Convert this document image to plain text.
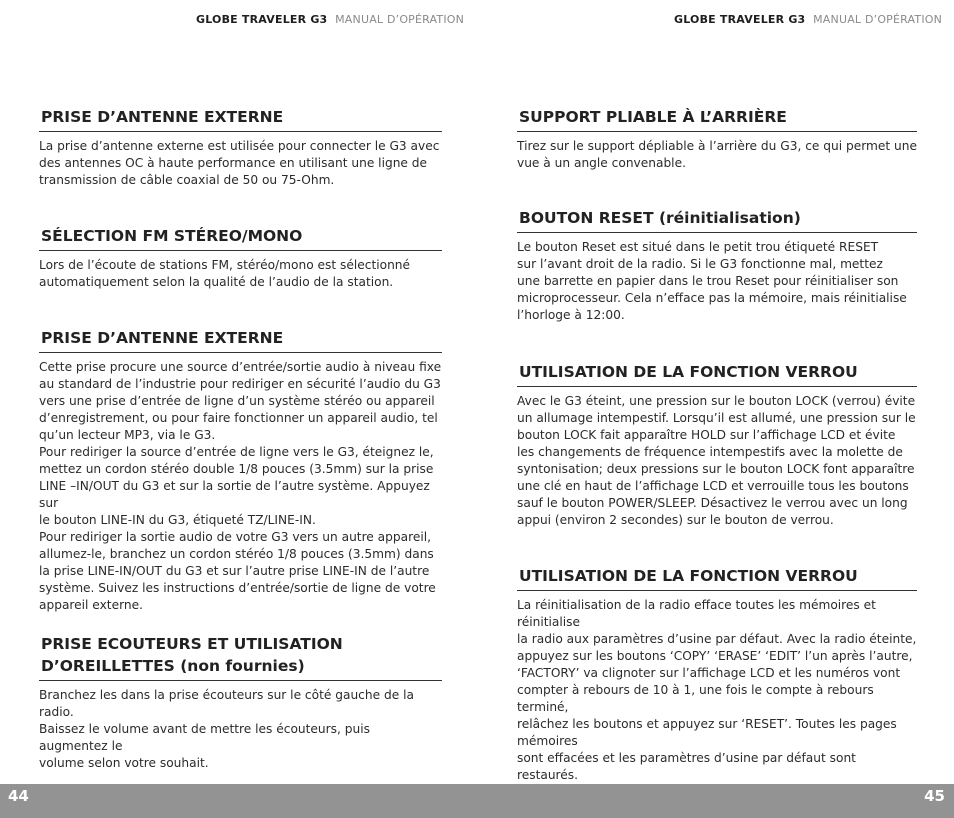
GLOBE TRAVELER G3 MANUAL D’OPÉRATION	GLOBE TRAVELER G3 MANUAL D’OPÉRATION
PRISE D’ANTENNE EXTERNE

La prise d’antenne externe est utilisée pour connecter le G3 avec
des antennes OC à haute performance en utilisant une ligne de
transmission de câble coaxial de 50 ou 75-Ohm.

SÉLECTION FM STÉREO/MONO

Lors de l’écoute de stations FM, stéréo/mono est sélectionné
automatiquement selon la qualité de l’audio de la station.

PRISE D’ANTENNE EXTERNE

Cette prise procure une source d’entrée/sortie audio à niveau fixe
au standard de l’industrie pour rediriger en sécurité l’audio du G3
vers une prise d’entrée de ligne d’un système stéréo ou appareil
d’enregistrement, ou pour faire fonctionner un appareil audio, tel
qu’un lecteur MP3, via le G3.
Pour rediriger la source d’entrée de ligne vers le G3, éteignez le,
mettez un cordon stéréo double 1/8 pouces (3.5mm) sur la prise
LINE –IN/OUT du G3 et sur la sortie de l’autre système. Appuyez sur
le bouton LINE-IN du G3, étiqueté TZ/LINE-IN.
Pour rediriger la sortie audio de votre G3 vers un autre appareil,
allumez-le, branchez un cordon stéréo 1/8 pouces (3.5mm) dans
la prise LINE-IN/OUT du G3 et sur l’autre prise LINE-IN de l’autre
système. Suivez les instructions d’entrée/sortie de ligne de votre
appareil externe.

PRISE ECOUTEURS ET UTILISATION
D’OREILLETTES (non fournies)

Branchez les dans la prise écouteurs sur le côté gauche de la radio.
Baissez le volume avant de mettre les écouteurs, puis augmentez le
volume selon votre souhait.

SUPPORT PLIABLE À L’ARRIÈRE

Tirez sur le support dépliable à l’arrière du G3, ce qui permet une
vue à un angle convenable.

BOUTON RESET (réinitialisation)

Le bouton Reset est situé dans le petit trou étiqueté RESET
sur l’avant droit de la radio. Si le G3 fonctionne mal, mettez
une barrette en papier dans le trou Reset pour réinitialiser son
microprocesseur. Cela n’efface pas la mémoire, mais réinitialise
l’horloge à 12:00.

UTILISATION DE LA FONCTION VERROU

Avec le G3 éteint, une pression sur le bouton LOCK (verrou) évite
un allumage intempestif. Lorsqu’il est allumé, une pression sur le
bouton LOCK fait apparaître HOLD sur l’affichage LCD et évite
les changements de fréquence intempestifs avec la molette de
syntonisation; deux pressions sur le bouton LOCK font apparaître
une clé en haut de l’affichage LCD et verrouille tous les boutons
sauf le bouton POWER/SLEEP. Désactivez le verrou avec un long
appui (environ 2 secondes) sur le bouton de verrou.

UTILISATION DE LA FONCTION VERROU

La réinitialisation de la radio efface toutes les mémoires et réinitialise
la radio aux paramètres d’usine par défaut. Avec la radio éteinte,
appuyez sur les boutons ‘COPY’ ‘ERASE’ ‘EDIT’ l’un après l’autre,
‘FACTORY’ va clignoter sur l’affichage LCD et les numéros vont
compter à rebours de 10 à 1, une fois le compte à rebours terminé,
relâchez les boutons et appuyez sur ‘RESET’. Toutes les pages mémoires
sont effacées et les paramètres d’usine par défaut sont restaurés.

44	45
